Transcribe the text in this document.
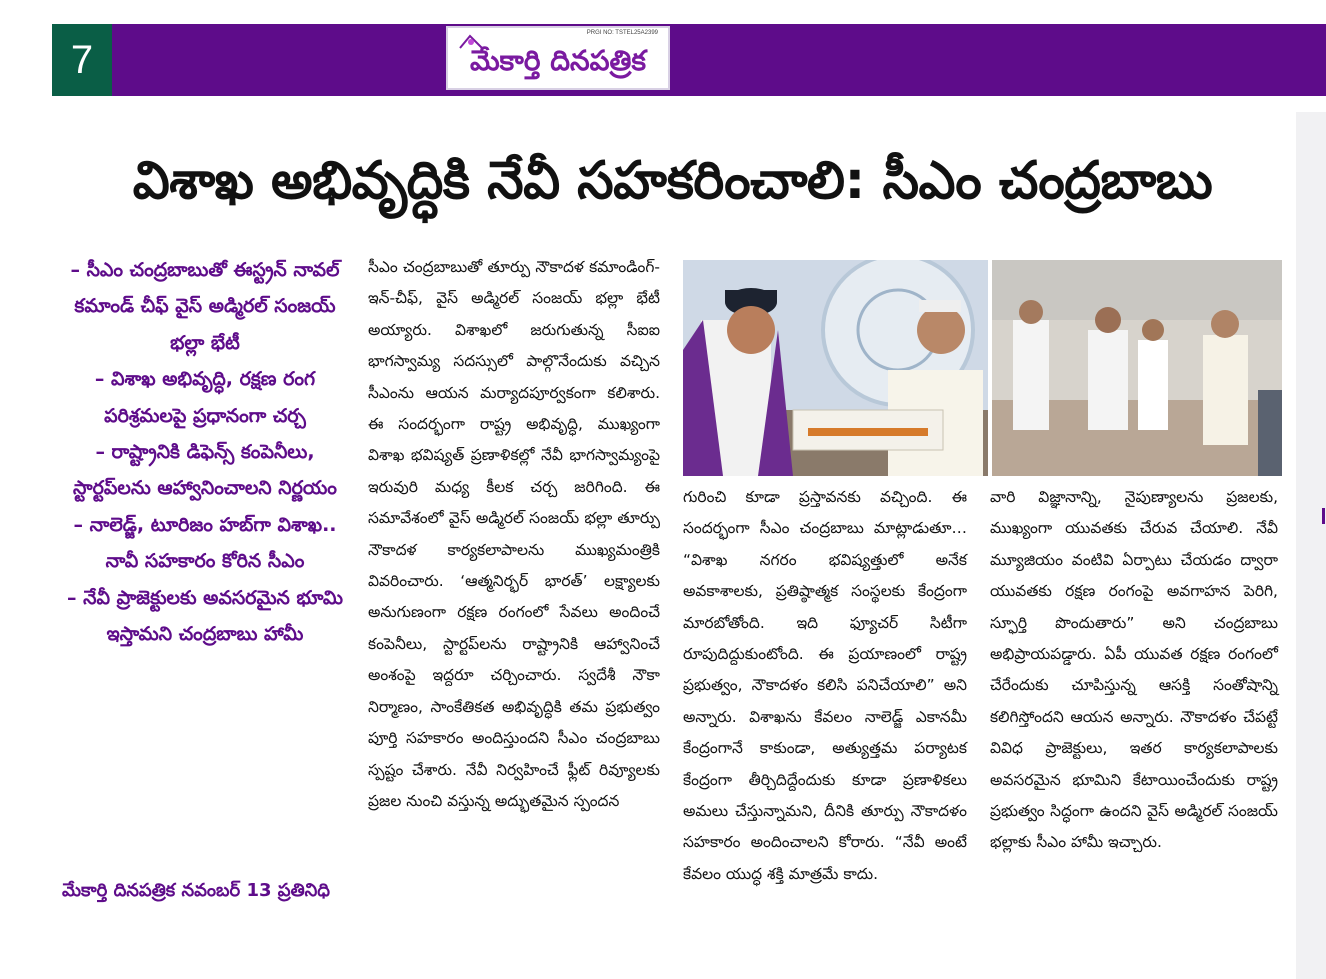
7
PRGI NO: TSTEL25A2399
మేకార్తి దినపత్రిక
విశాఖ అభివృద్ధికి నేవీ సహకరించాలి: సీఎం చంద్రబాబు

– సీఎం చంద్రబాబుతో ఈస్ట్రన్ నావల్ కమాండ్ చీఫ్ వైస్ అడ్మిరల్ సంజయ్ భల్లా భేటీ

– విశాఖ అభివృద్ధి, రక్షణ రంగ పరిశ్రమలపై ప్రధానంగా చర్చ

– రాష్ట్రానికి డిఫెన్స్ కంపెనీలు, స్టార్టప్‌లను ఆహ్వానించాలని నిర్ణయం

– నాలెడ్జ్, టూరిజం హబ్‌గా విశాఖ.. నావీ సహకారం కోరిన సీఎం

– నేవీ ప్రాజెక్టులకు అవసరమైన భూమి ఇస్తామని చంద్రబాబు హామీ

మేకార్తి దినపత్రిక నవంబర్ 13 ప్రతినిధి

సీఎం చంద్రబాబుతో తూర్పు నౌకాదళ కమాండింగ్-ఇన్-చీఫ్, వైస్ అడ్మిరల్ సంజయ్ భల్లా భేటీ అయ్యారు. విశాఖలో జరుగుతున్న సీఐఐ భాగస్వామ్య సదస్సులో పాల్గొనేందుకు వచ్చిన సీఎంను ఆయన మర్యాదపూర్వకంగా కలిశారు. ఈ సందర్భంగా రాష్ట్ర అభివృద్ధి, ముఖ్యంగా విశాఖ భవిష్యత్ ప్రణాళికల్లో నేవీ భాగస్వామ్యంపై ఇరువురి మధ్య కీలక చర్చ జరిగింది. ఈ సమావేశంలో వైస్ అడ్మిరల్ సంజయ్ భల్లా తూర్పు నౌకాదళ కార్యకలాపాలను ముఖ్యమంత్రికి వివరించారు. ‘ఆత్మనిర్భర్ భారత్’ లక్ష్యాలకు అనుగుణంగా రక్షణ రంగంలో సేవలు అందించే కంపెనీలు, స్టార్టప్‌లను రాష్ట్రానికి ఆహ్వానించే అంశంపై ఇద్దరూ చర్చించారు. స్వదేశీ నౌకా నిర్మాణం, సాంకేతికత అభివృద్ధికి తమ ప్రభుత్వం పూర్తి సహకారం అందిస్తుందని సీఎం చంద్రబాబు స్పష్టం చేశారు. నేవీ నిర్వహించే ఫ్లీట్ రివ్యూలకు ప్రజల నుంచి వస్తున్న అద్భుతమైన స్పందన

గురించి కూడా ప్రస్తావనకు వచ్చింది. ఈ సందర్భంగా సీఎం చంద్రబాబు మాట్లాడుతూ… “విశాఖ నగరం భవిష్యత్తులో అనేక అవకాశాలకు, ప్రతిష్ఠాత్మక సంస్థలకు కేంద్రంగా మారబోతోంది. ఇది ఫ్యూచర్ సిటీగా రూపుదిద్దుకుంటోంది. ఈ ప్రయాణంలో రాష్ట్ర ప్రభుత్వం, నౌకాదళం కలిసి పనిచేయాలి” అని అన్నారు. విశాఖను కేవలం నాలెడ్జ్ ఎకానమీ కేంద్రంగానే కాకుండా, అత్యుత్తమ పర్యాటక కేంద్రంగా తీర్చిదిద్దేందుకు కూడా ప్రణాళికలు అమలు చేస్తున్నామని, దీనికి తూర్పు నౌకాదళం సహకారం అందించాలని కోరారు. “నేవీ అంటే కేవలం యుద్ధ శక్తి మాత్రమే కాదు.

వారి విజ్ఞానాన్ని, నైపుణ్యాలను ప్రజలకు, ముఖ్యంగా యువతకు చేరువ చేయాలి. నేవీ మ్యూజియం వంటివి ఏర్పాటు చేయడం ద్వారా యువతకు రక్షణ రంగంపై అవగాహన పెరిగి, స్ఫూర్తి పొందుతారు” అని చంద్రబాబు అభిప్రాయపడ్డారు. ఏపీ యువత రక్షణ రంగంలో చేరేందుకు చూపిస్తున్న ఆసక్తి సంతోషాన్ని కలిగిస్తోందని ఆయన అన్నారు. నౌకాదళం చేపట్టే వివిధ ప్రాజెక్టులు, ఇతర కార్యకలాపాలకు అవసరమైన భూమిని కేటాయించేందుకు రాష్ట్ర ప్రభుత్వం సిద్ధంగా ఉందని వైస్ అడ్మిరల్ సంజయ్ భల్లాకు సీఎం హామీ ఇచ్చారు.
